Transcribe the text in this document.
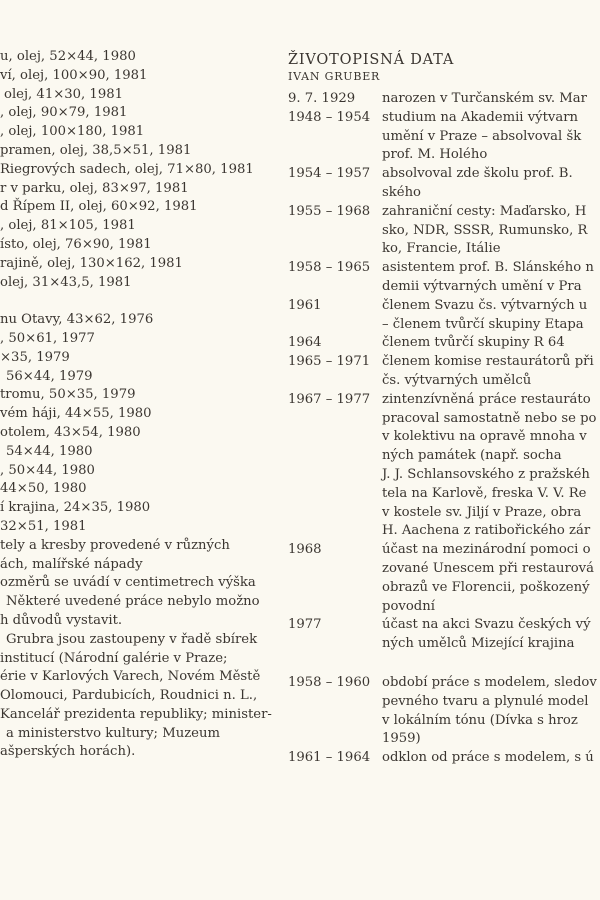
u, olej, 52×44, 1980
ví, olej, 100×90, 1981
olej, 41×30, 1981
, olej, 90×79, 1981
, olej, 100×180, 1981
pramen, olej, 38,5×51, 1981
Riegrových sadech, olej, 71×80, 1981
r v parku, olej, 83×97, 1981
d Řípem II, olej, 60×92, 1981
, olej, 81×105, 1981
ísto, olej, 76×90, 1981
rajině, olej, 130×162, 1981
olej, 31×43,5, 1981

nu Otavy, 43×62, 1976
, 50×61, 1977
×35, 1979
56×44, 1979
tromu, 50×35, 1979
vém háji, 44×55, 1980
otolem, 43×54, 1980
54×44, 1980
, 50×44, 1980
44×50, 1980
í krajina, 24×35, 1980
32×51, 1981
tely a kresby provedené v různých
ách, malířské nápady
ozměrů se uvádí v centimetrech výška
Některé uvedené práce nebylo možno
h důvodů vystavit.
Grubra jsou zastoupeny v řadě sbírek
institucí (Národní galérie v Praze;
érie v Karlových Varech, Novém Městě
Olomouci, Pardubicích, Roudnici n. L.,
Kancelář prezidenta republiky; minister-
a ministerstvo kultury; Muzeum
ašperských horách).
ŽIVOTOPISNÁ DATA
IVAN GRUBER
9. 7. 1929	narozen v Turčanském sv. Mar
1948 – 1954 studium na Akademii výtvarn
umění v Praze – absolvoval šk
prof. M. Holého
1954 – 1957 absolvoval zde školu prof. B.
ského
1955 – 1968 zahraniční cesty: Maďarsko, H
sko, NDR, SSSR, Rumunsko, R
ko, Francie, Itálie
1958 – 1965 asistentem prof. B. Slánského n
demii výtvarných umění v Pra
1961	členem Svazu čs. výtvarných u
– členem tvůrčí skupiny Etapa
1964	členem tvůrčí skupiny R 64
1965 – 1971 členem komise restaurátorů při
čs. výtvarných umělců
1967 – 1977 zintenzívněná práce restauráto
pracoval samostatně nebo se po
v kolektivu na opravě mnoha v
ných památek (např. socha
J. J. Schlansovského z pražskéh
tela na Karlově, freska V. V. Re
v kostele sv. Jiljí v Praze, obra
H. Aachena z ratibořického zár
1968	účast na mezinárodní pomoci o
zované Unescem při restaurová
obrazů ve Florencii, poškozený
povodní
1977	účast na akci Svazu českých vý
ných umělců Mizející krajina
1958 – 1960 období práce s modelem, sledov
pevného tvaru a plynulé model
v lokálním tónu (Dívka s hroz
1959)
1961 – 1964 odklon od práce s modelem, s ú
